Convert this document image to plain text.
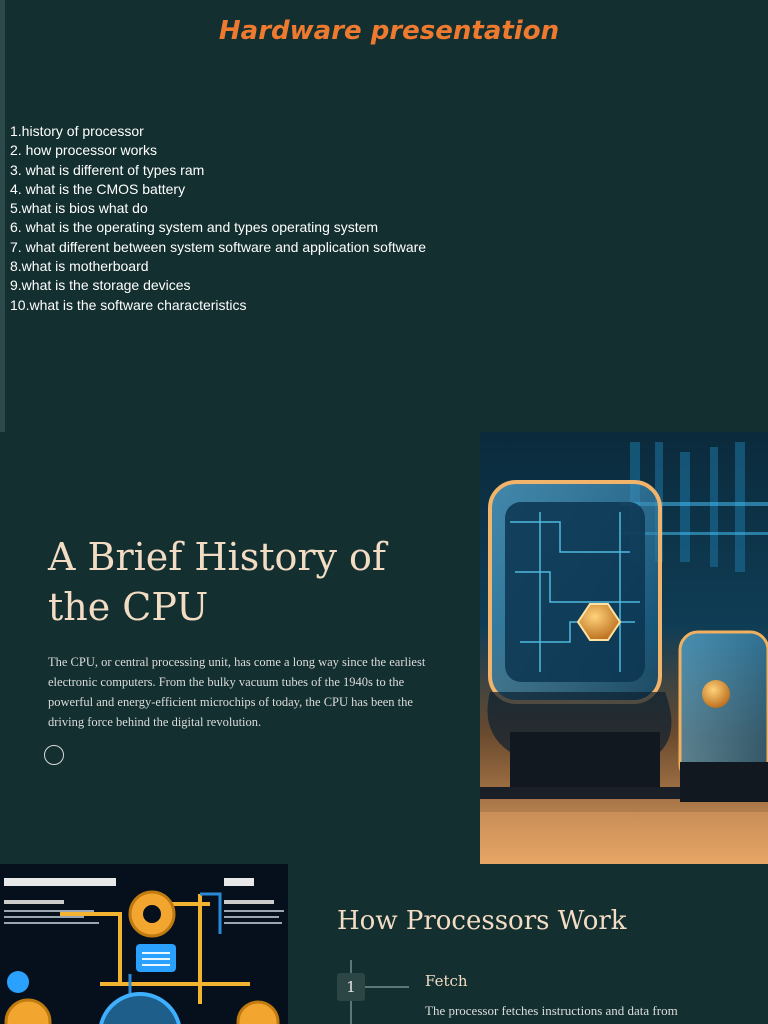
Hardware presentation
1.history of processor
2. how processor works
3. what is different of types ram
4. what is the CMOS battery
5.what is bios what do
6. what is the operating system and types operating system
7. what different between system software and application software
8.what is motherboard
9.what is the storage devices
10.what is the software characteristics
A Brief History of the CPU

The CPU, or central processing unit, has come a long way since the earliest electronic computers. From the bulky vacuum tubes of the 1940s to the powerful and energy-efficient microchips of today, the CPU has been the driving force behind the digital revolution.

How Processors Work
1	Fetch
The processor fetches instructions and data from
